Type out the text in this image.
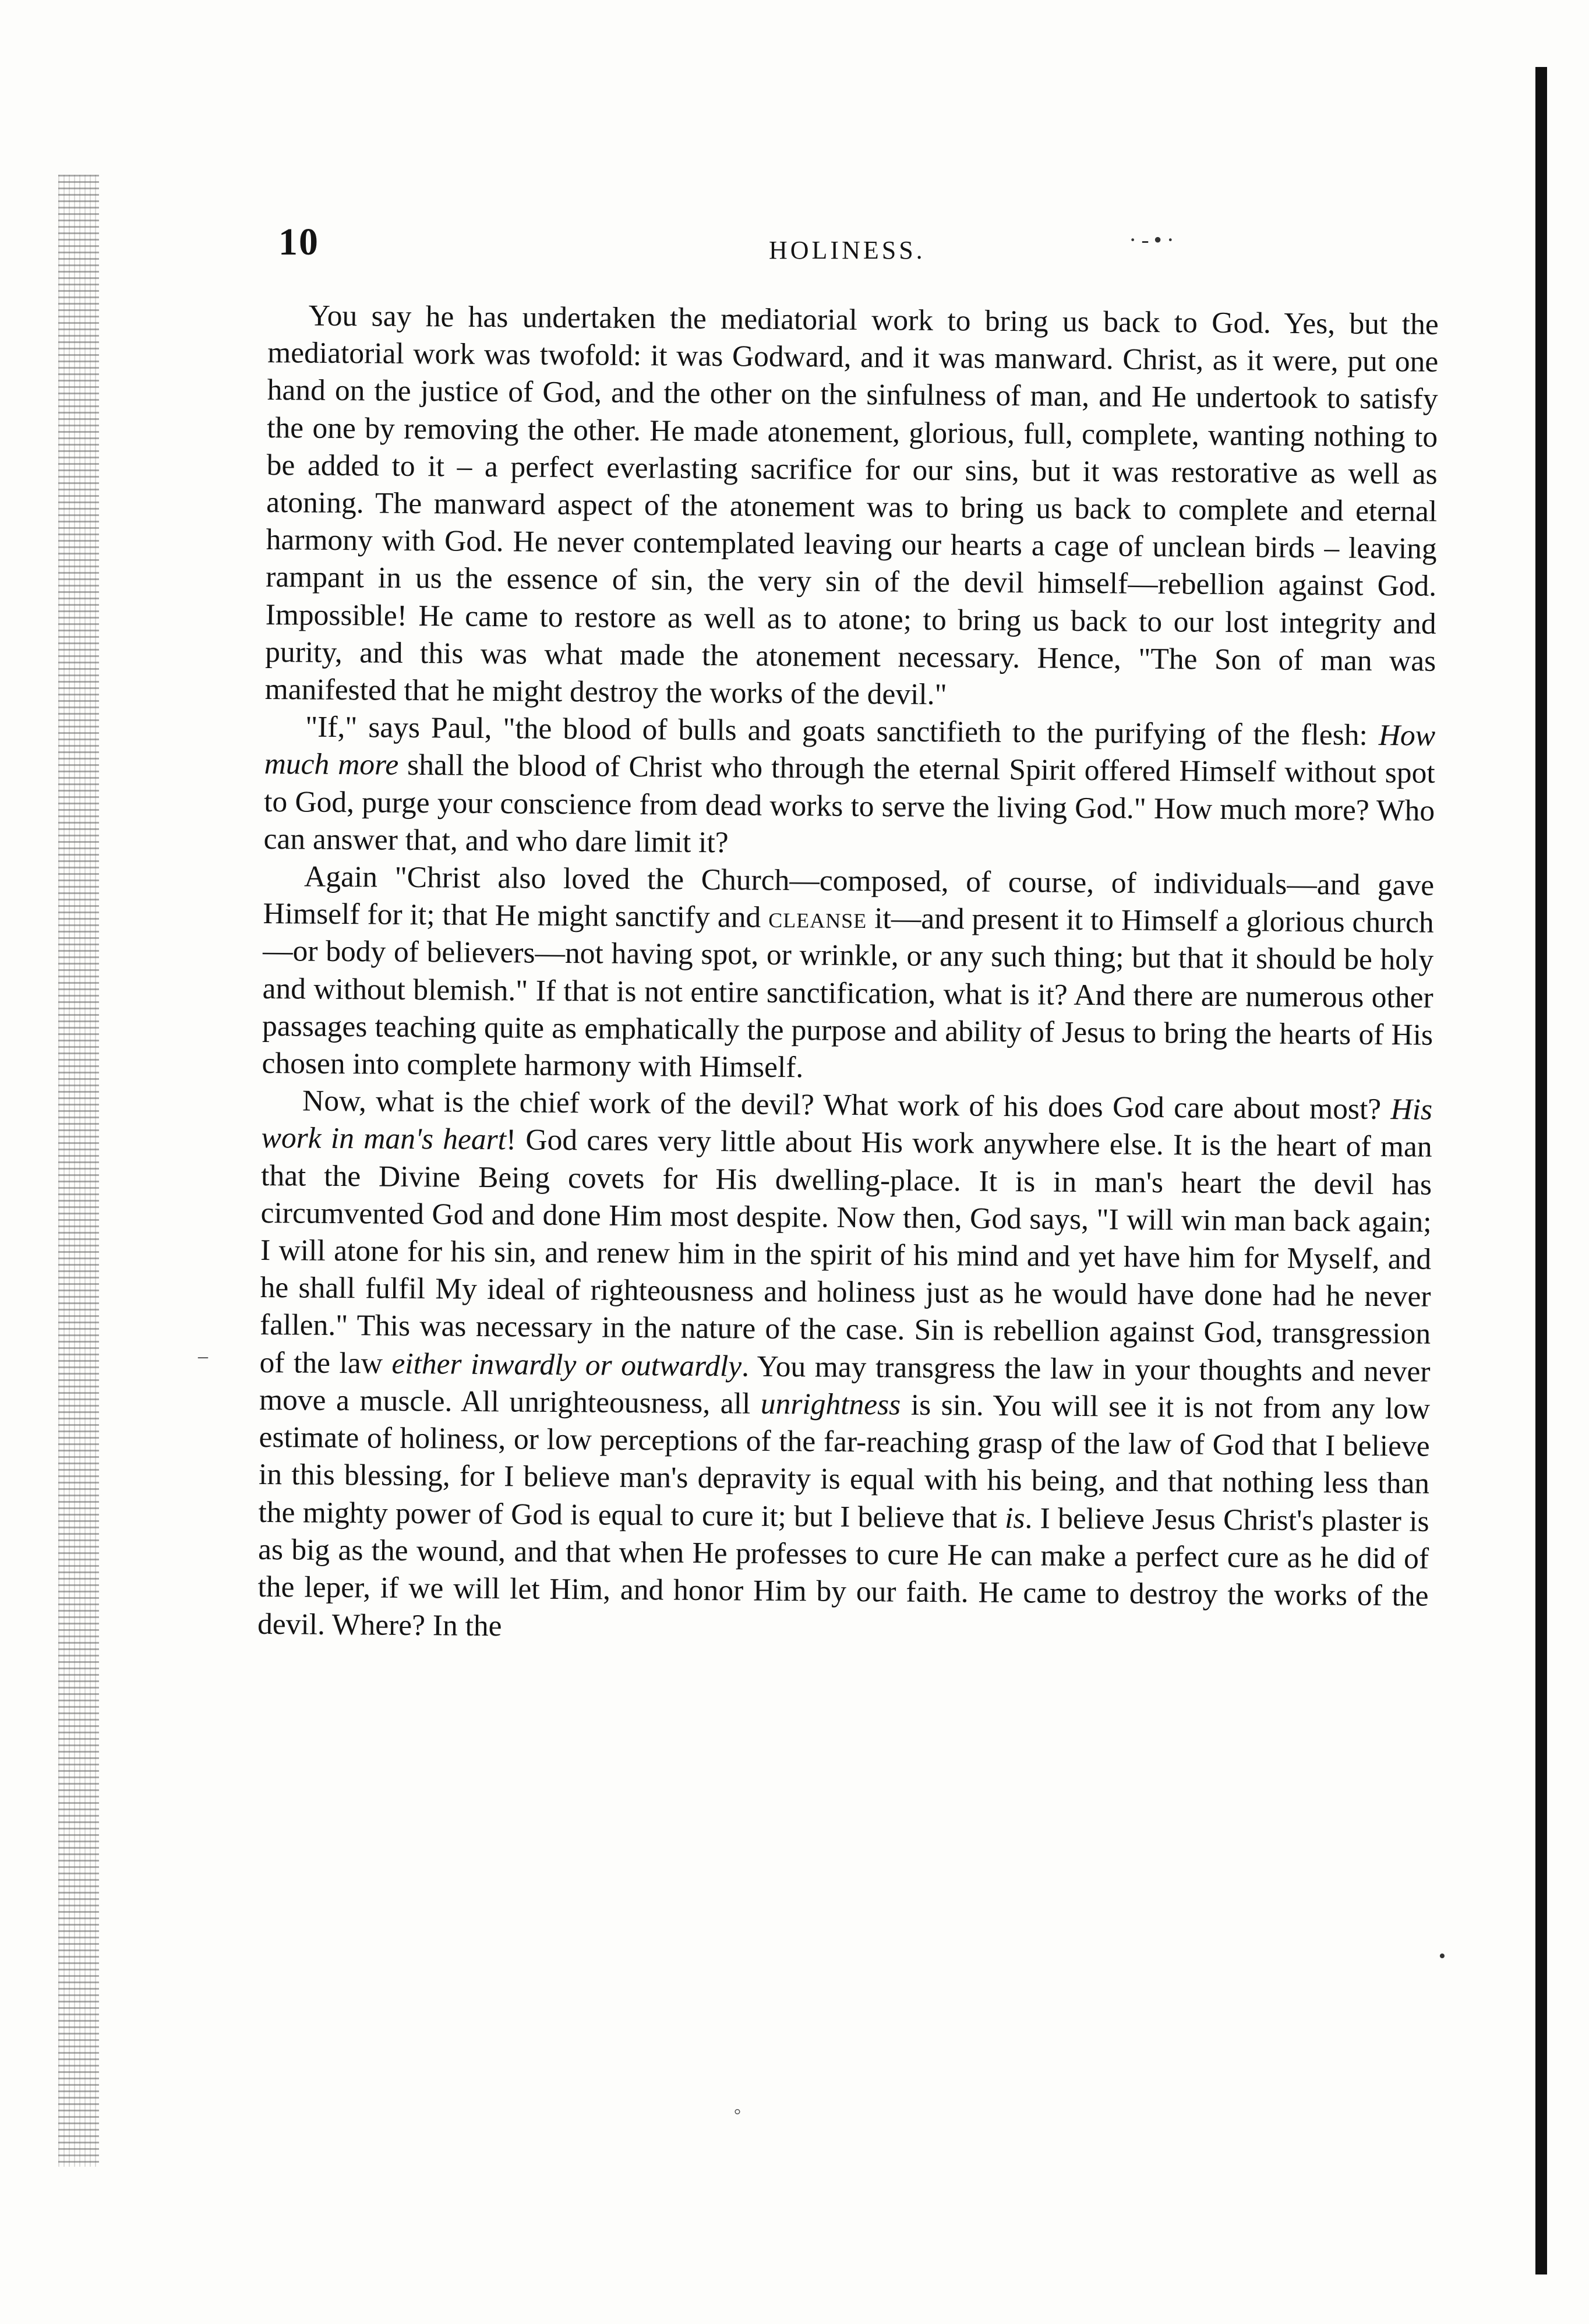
10	HOLINESS.	·-•·

You say he has undertaken the mediatorial work to bring us back to God. Yes, but the mediatorial work was twofold: it was Godward, and it was manward. Christ, as it were, put one hand on the justice of God, and the other on the sinfulness of man, and He undertook to satisfy the one by removing the other. He made atonement, glorious, full, complete, wanting nothing to be added to it – a perfect everlasting sacrifice for our sins, but it was restorative as well as atoning. The manward aspect of the atonement was to bring us back to complete and eternal harmony with God. He never contemplated leaving our hearts a cage of unclean birds – leaving rampant in us the essence of sin, the very sin of the devil himself—rebellion against God. Impossible! He came to restore as well as to atone; to bring us back to our lost integrity and purity, and this was what made the atonement necessary. Hence, "The Son of man was manifested that he might destroy the works of the devil."

"If," says Paul, "the blood of bulls and goats sanctifieth to the purifying of the flesh: How much more shall the blood of Christ who through the eternal Spirit offered Himself without spot to God, purge your conscience from dead works to serve the living God." How much more? Who can answer that, and who dare limit it?

Again "Christ also loved the Church—composed, of course, of individuals—and gave Himself for it; that He might sanctify and cleanse it—and present it to Himself a glorious church—or body of believers—not having spot, or wrinkle, or any such thing; but that it should be holy and without blemish." If that is not entire sanctification, what is it? And there are numerous other passages teaching quite as emphatically the purpose and ability of Jesus to bring the hearts of His chosen into complete harmony with Himself.

Now, what is the chief work of the devil? What work of his does God care about most? His work in man's heart! God cares very little about His work anywhere else. It is the heart of man that the Divine Being covets for His dwelling-place. It is in man's heart the devil has circumvented God and done Him most despite. Now then, God says, "I will win man back again; I will atone for his sin, and renew him in the spirit of his mind and yet have him for Myself, and he shall fulfil My ideal of righteousness and holiness just as he would have done had he never fallen." This was necessary in the nature of the case. Sin is rebellion against God, transgression of the law either inwardly or outwardly. You may transgress the law in your thoughts and never move a muscle. All unrighteousness, all unrightness is sin. You will see it is not from any low estimate of holiness, or low perceptions of the far-reaching grasp of the law of God that I believe in this blessing, for I believe man's depravity is equal with his being, and that nothing less than the mighty power of God is equal to cure it; but I believe that is. I believe Jesus Christ's plaster is as big as the wound, and that when He professes to cure He can make a perfect cure as he did of the leper, if we will let Him, and honor Him by our faith. He came to destroy the works of the devil. Where? In the

°
–
•
